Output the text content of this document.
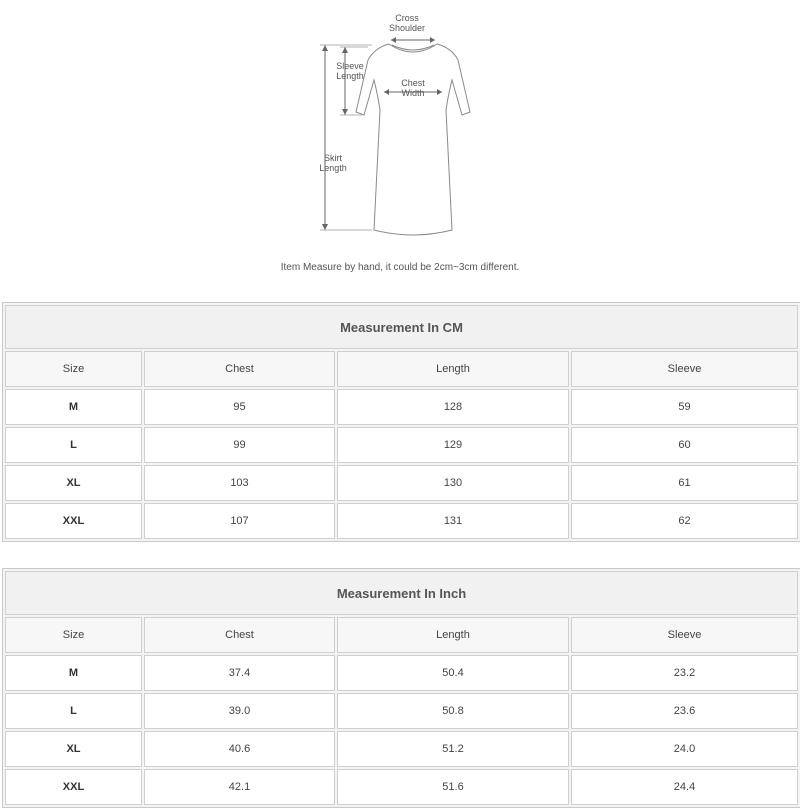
Cross
Shoulder
Sleeve
Length
Chest
Width
Skirt
Length
Item Measure by hand, it could be 2cm~3cm different.
Measurement In CM			
Size	Chest	Length	Sleeve
M	95	128	59
L	99	129	60
XL	103	130	61
XXL	107	131	62
Measurement In Inch			
Size	Chest	Length	Sleeve
M	37.4	50.4	23.2
L	39.0	50.8	23.6
XL	40.6	51.2	24.0
XXL	42.1	51.6	24.4
